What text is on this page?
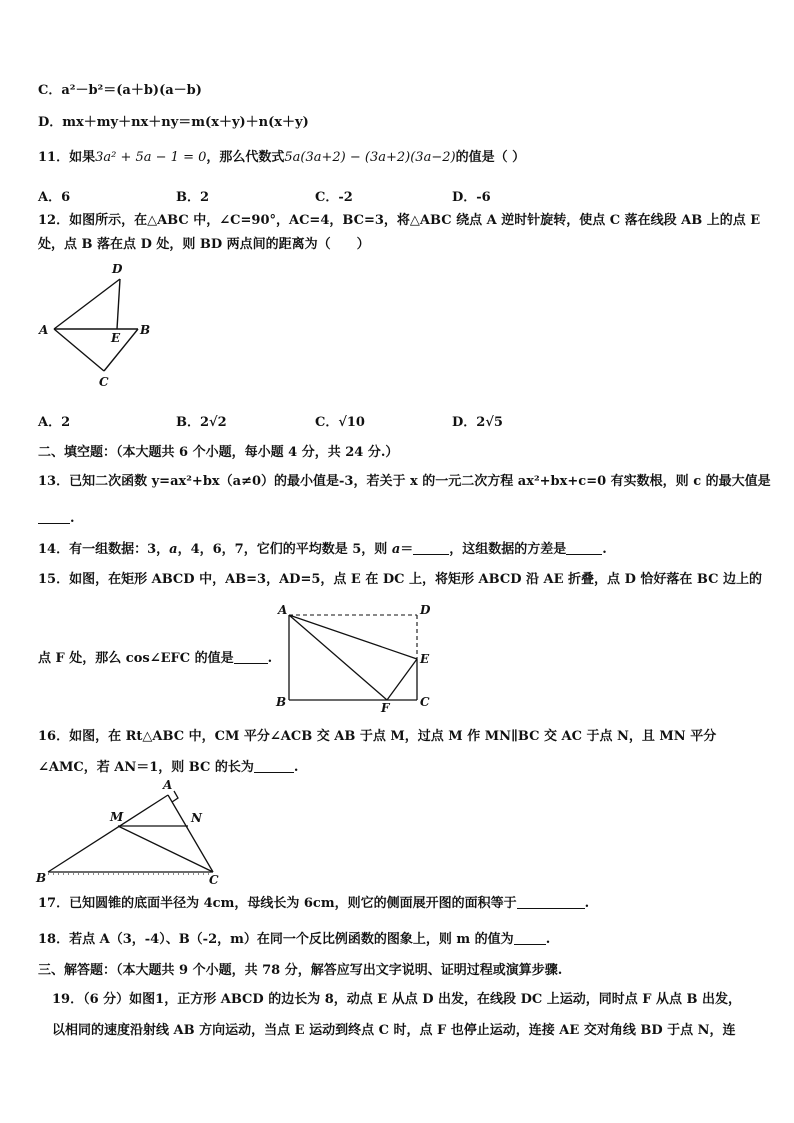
C．a²－b²＝(a＋b)(a－b)
D．mx＋my＋nx＋ny＝m(x＋y)＋n(x＋y)
11．如果3a² + 5a − 1 = 0，那么代数式5a(3a+2) − (3a+2)(3a−2)的值是（ ）
A．6	B．2	C．-2	D．-6
12．如图所示，在△ABC 中，∠C=90°，AC=4，BC=3，将△ABC 绕点 A 逆时针旋转，使点 C 落在线段 AB 上的点 E
处，点 B 落在点 D 处，则 BD 两点间的距离为（　　）
D
A
E
B
C
A．2	B．2√2	C．√10	D．2√5
二、填空题：（本大题共 6 个小题，每小题 4 分，共 24 分.）
13．已知二次函数 y=ax²+bx（a≠0）的最小值是-3，若关于 x 的一元二次方程 ax²+bx+c=0 有实数根，则 c 的最大值是
.
14．有一组数据：3，a，4，6，7，它们的平均数是 5，则 a＝	，这组数据的方差是	.
15．如图，在矩形 ABCD 中，AB=3，AD=5，点 E 在 DC 上，将矩形 ABCD 沿 AE 折叠，点 D 恰好落在 BC 边上的
点 F 处，那么 cos∠EFC 的值是	.
A	D
E
B	F	C
16．如图，在 Rt△ABC 中，CM 平分∠ACB 交 AB 于点 M，过点 M 作 MN∥BC 交 AC 于点 N，且 MN 平分
∠AMC，若 AN＝1，则 BC 的长为	.
A
M	N
B	C
17．已知圆锥的底面半径为 4cm，母线长为 6cm，则它的侧面展开图的面积等于	.
18．若点 A（3，-4）、B（-2，m）在同一个反比例函数的图象上，则 m 的值为 .
三、解答题：（本大题共 9 个小题，共 78 分，解答应写出文字说明、证明过程或演算步骤.
19．（6 分）如图1，正方形 ABCD 的边长为 8，动点 E 从点 D 出发，在线段 DC 上运动，同时点 F 从点 B 出发，
以相同的速度沿射线 AB 方向运动，当点 E 运动到终点 C 时，点 F 也停止运动，连接 AE 交对角线 BD 于点 N，连
